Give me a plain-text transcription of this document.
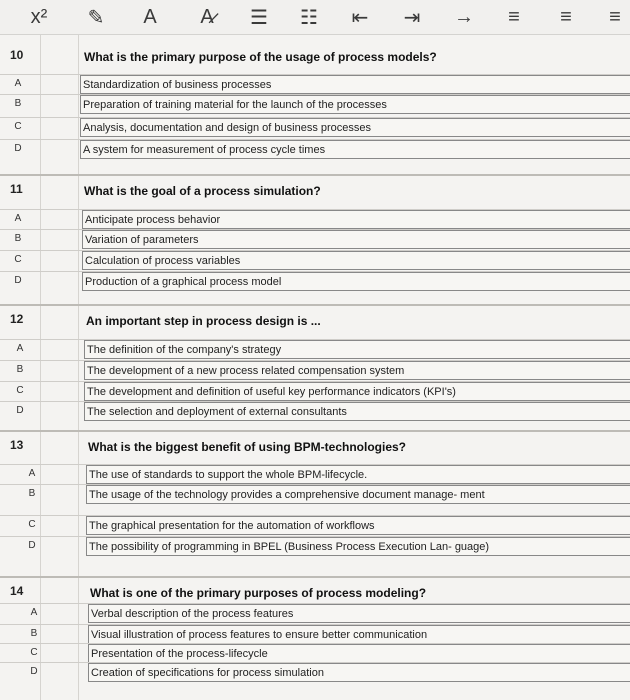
x²	✎	A	A̷	☰	☷	⇤	⇥	→	≡	≡	≡
10	What is the primary purpose of the usage of process models?
A	Standardization of business processes
B	Preparation of training material for the launch of the processes
C	Analysis, documentation and design of business processes
D	A system for measurement of process cycle times
11	What is the goal of a process simulation?
A	Anticipate process behavior
B	Variation of parameters
C	Calculation of process variables
D	Production of a graphical process model
12	An important step in process design is ...
A	The definition of the company's strategy
B	The development of a new process related compensation system
C	The development and definition of useful key performance indicators (KPI's)
D	The selection and deployment of external consultants
13	What is the biggest benefit of using BPM-technologies?
A	The use of standards to support the whole BPM-lifecycle.
B	The usage of the technology provides a comprehensive document manage- ment
C	The graphical presentation for the automation of workflows
D	The possibility of programming in BPEL (Business Process Execution Lan- guage)
14	What is one of the primary purposes of process modeling?
A	Verbal description of the process features
B	Visual illustration of process features to ensure better communication
C	Presentation of the process-lifecycle
D	Creation of specifications for process simulation
